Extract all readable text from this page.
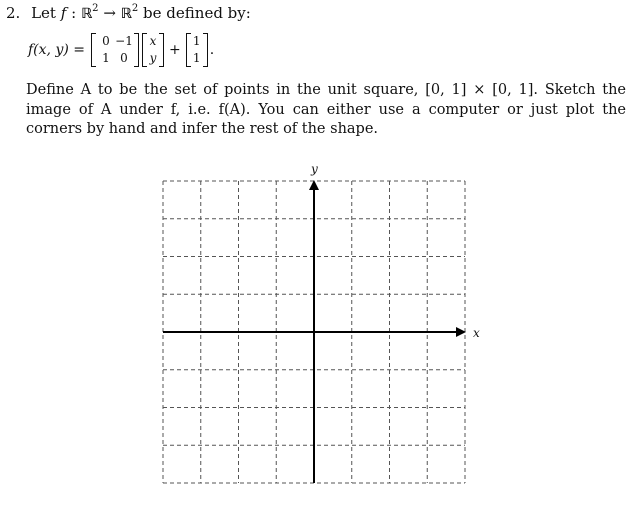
2. Let f : ℝ$^2$ → ℝ$^2$ be defined by:
f(x, y) =
0 −1
1 0
x
y +
1
1 .
Define A to be the set of points in the unit square, [0, 1] × [0, 1]. Sketch the image of A under f, i.e. f(A). You can either use a computer or just plot the corners by hand and infer the rest of the shape.
x
y
